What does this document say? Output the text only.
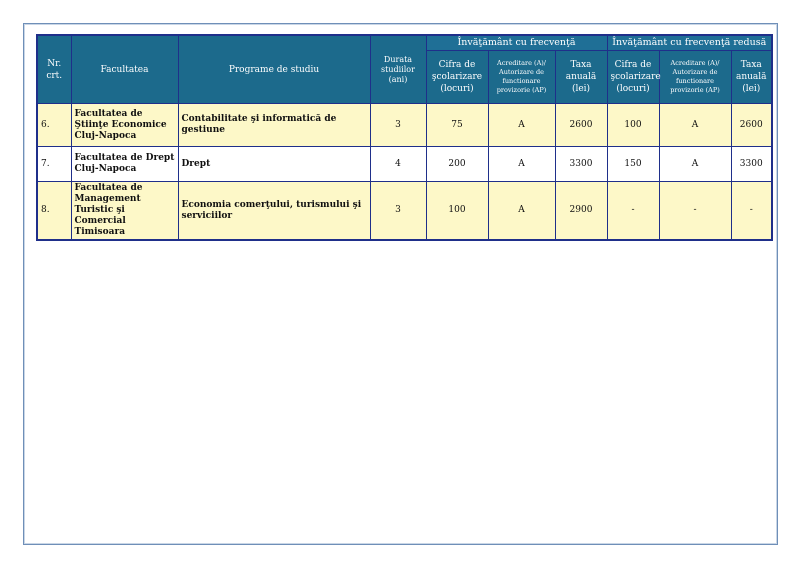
Nr. crt.	Facultatea	Programe de studiu	Durata studiilor (ani)	Învăţământ cu frecvenţă			Învăţământ cu frecvenţă redusă		
				Cifra de şcolarizare (locuri)	Acreditare (A)/ Autorizare de functionare provizorie (AP)	Taxa anuală (lei)	Cifra de şcolarizare (locuri)	Acreditare (A)/ Autorizare de functionare provizorie (AP)	Taxa anuală (lei)
6.	Facultatea de Ştiinţe Economice Cluj-Napoca	Contabilitate şi informatică de gestiune	3	75	A	2600	100	A	2600
7.	Facultatea de Drept Cluj-Napoca	Drept	4	200	A	3300	150	A	3300
8.	Facultatea de Management Turistic şi Comercial Timisoara	Economia comerţului, turismului şi serviciilor	3	100	A	2900	-	-	-
